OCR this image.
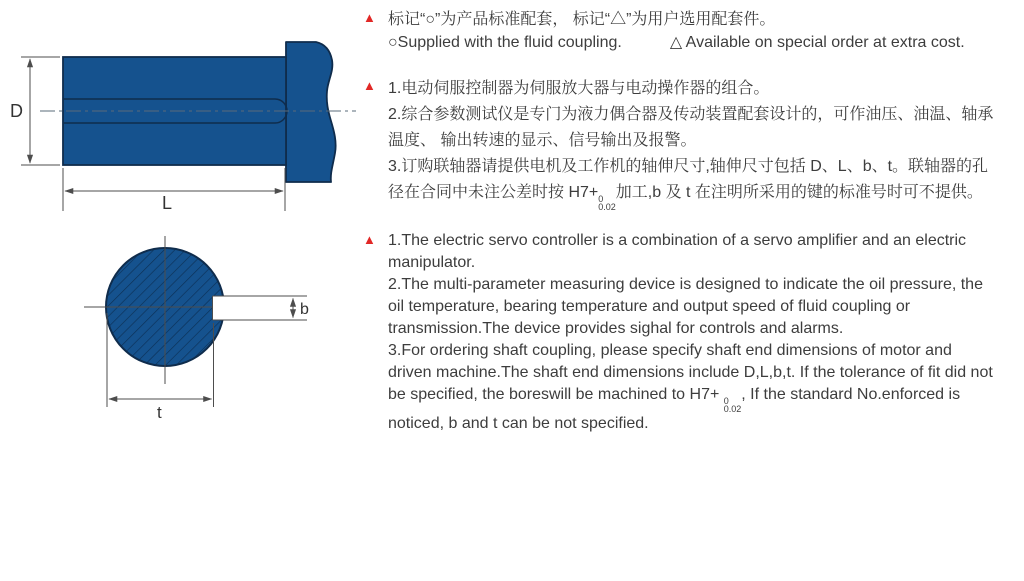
D
L
b
t
▲ 标记“○”为产品标准配套， 标记“△”为用户选用配套件。
○Supplied with the fluid coupling.	△ Available on special order at extra cost.
▲ 1.电动伺服控制器为伺服放大器与电动操作器的组合。
2.综合参数测试仪是专门为液力偶合器及传动装置配套设计的，可作油压、油温、轴承
温度、 输出转速的显示、信号输出及报警。
3.订购联轴器请提供电机及工作机的轴伸尺寸,轴伸尺寸包括 D、L、b、t。联轴器的孔
径在合同中未注公差时按 H7+ 0
0.02
加工,b 及 t 在注明所采用的键的标准号时可不提供。
▲ 1.The electric servo controller is a combination of a servo amplifier and an electric
manipulator.
2.The multi-parameter measuring device is designed to indicate the oil pressure, the
oil temperature, bearing temperature and output speed of fluid coupling or
transmission.The device provides sighal for controls and alarms.
3.For ordering shaft coupling, please specify shaft end dimensions of motor and
driven machine.The shaft end dimensions include D,L,b,t. If the tolerance of fit did not
be specified, the boreswill be machined to H7+ 0
0.02
, If the standard No.enforced is
noticed, b and t can be not specified.
